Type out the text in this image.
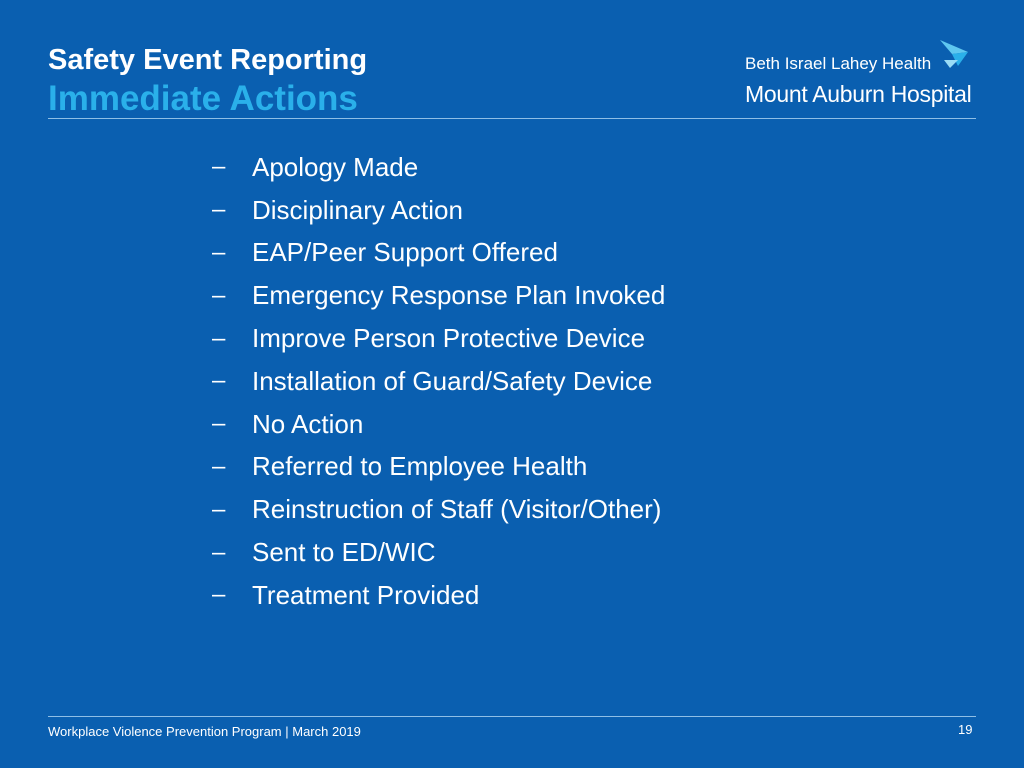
Safety Event Reporting
Immediate Actions
Beth Israel Lahey Health
Mount Auburn Hospital
–	Apology Made
–	Disciplinary Action
–	EAP/Peer Support Offered
–	Emergency Response Plan Invoked
–	Improve Person Protective Device
–	Installation of Guard/Safety Device
–	No Action
–	Referred to Employee Health
–	Reinstruction of Staff (Visitor/Other)
–	Sent to ED/WIC
–	Treatment Provided
Workplace Violence Prevention Program | March 2019	19
